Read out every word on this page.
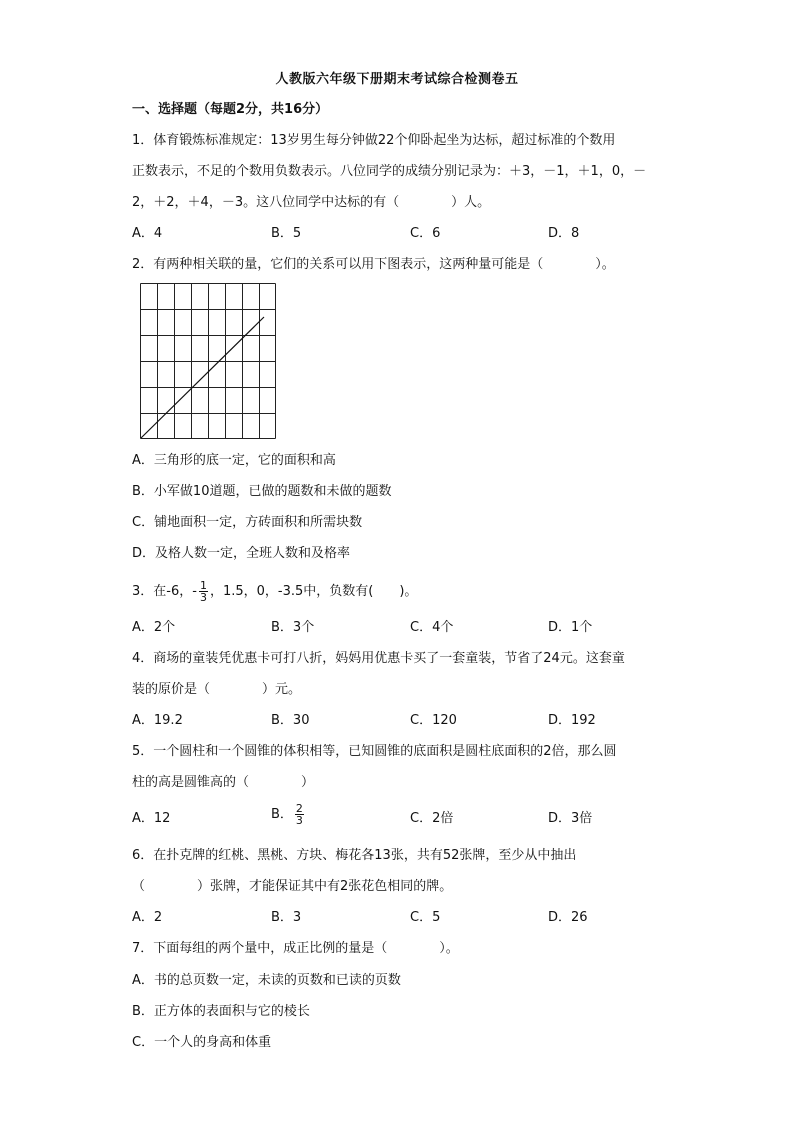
人教版六年级下册期末考试综合检测卷五
一、选择题（每题2分，共16分）
1．体育锻炼标准规定：13岁男生每分钟做22个仰卧起坐为达标，超过标准的个数用
正数表示，不足的个数用负数表示。八位同学的成绩分别记录为：＋3，－1，＋1，0，－
2，＋2，＋4，－3。这八位同学中达标的有（　　　　）人。
A．4	B．5	C．6	D．8
2．有两种相关联的量，它们的关系可以用下图表示，这两种量可能是（　　　　）。
A．三角形的底一定，它的面积和高
B．小军做10道题，已做的题数和未做的题数
C．铺地面积一定，方砖面积和所需块数
D．及格人数一定，全班人数和及格率
3．在-6，- $\frac{1}{3}$ ，1.5，0，-3.5中，负数有(　　)。
A．2个	B．3个	C．4个	D．1个
4．商场的童装凭优惠卡可打八折，妈妈用优惠卡买了一套童装，节省了24元。这套童
装的原价是（　　　　）元。
A．19.2	B．30	C．120	D．192
5．一个圆柱和一个圆锥的体积相等，已知圆锥的底面积是圆柱底面积的2倍，那么圆
柱的高是圆锥高的（　　　　）
A．12	B． $\frac{2}{3}$	C．2倍	D．3倍
6．在扑克牌的红桃、黑桃、方块、梅花各13张，共有52张牌，至少从中抽出
（　　　　）张牌，才能保证其中有2张花色相同的牌。
A．2	B．3	C．5	D．26
7．下面每组的两个量中，成正比例的量是（　　　　）。
A．书的总页数一定，未读的页数和已读的页数
B．正方体的表面积与它的棱长
C．一个人的身高和体重
